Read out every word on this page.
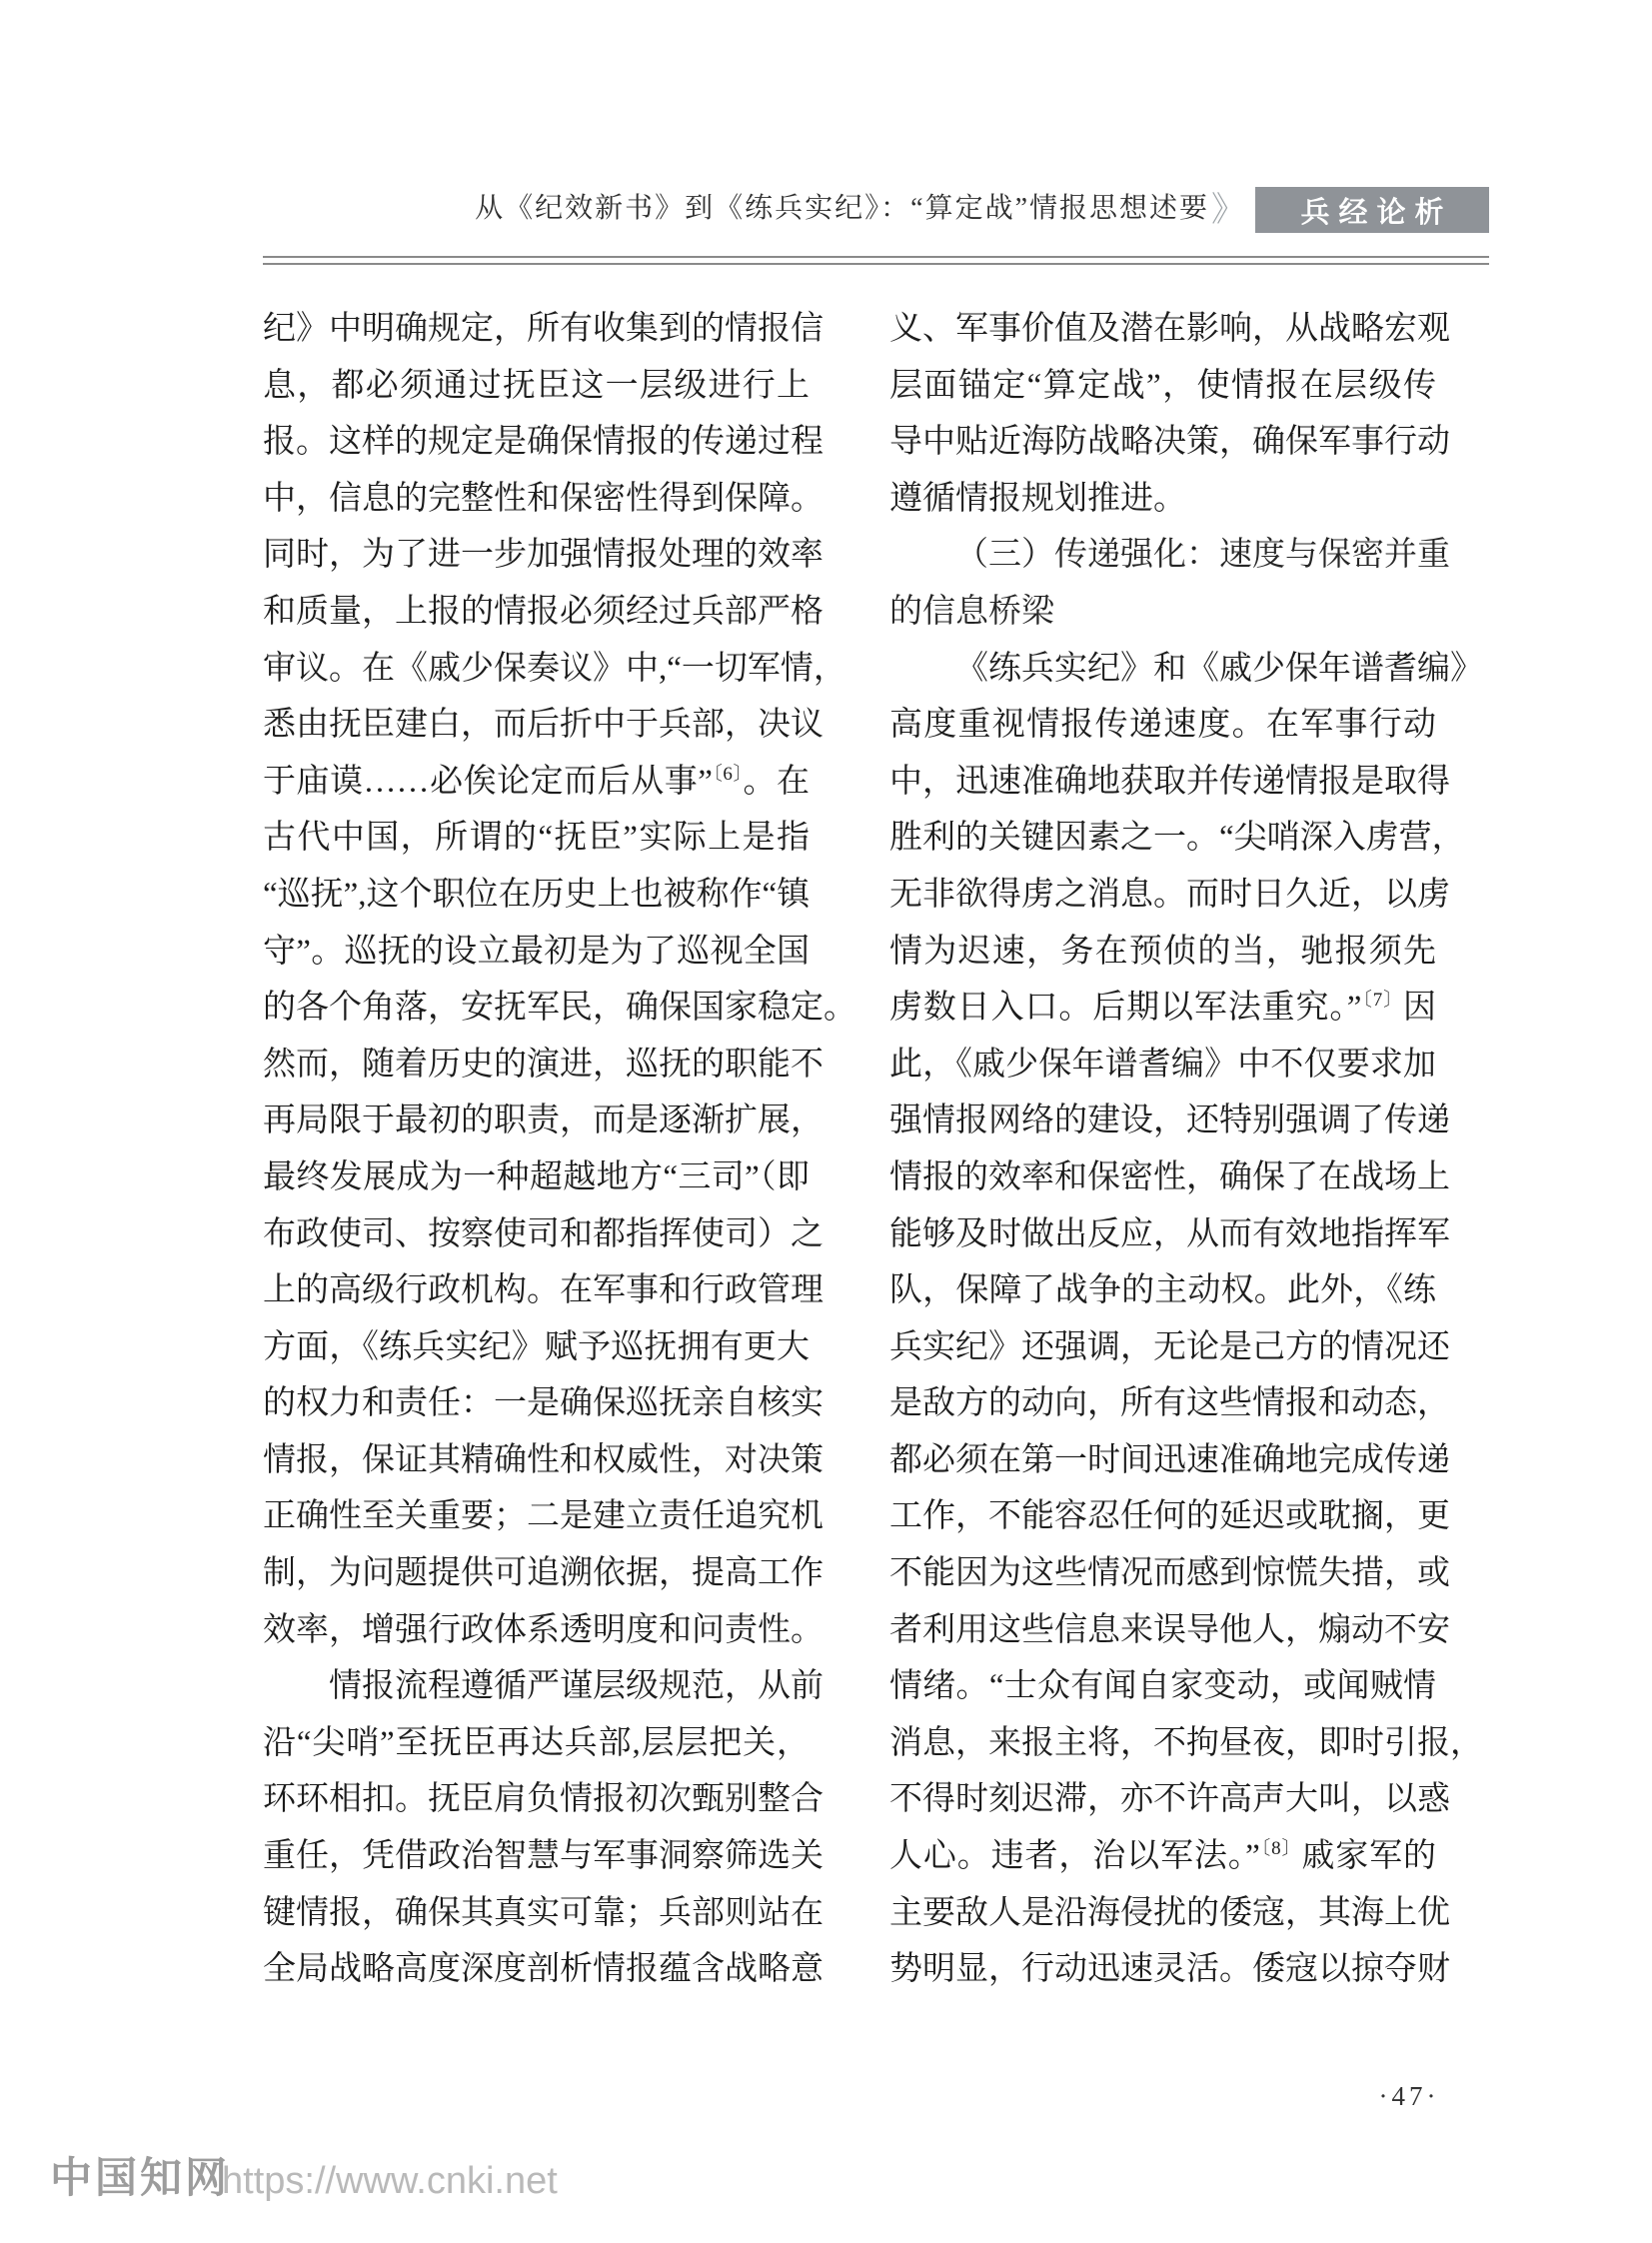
从《纪效新书》到《练兵实纪》：“算定战”情报思想述要 》	兵经论析
纪》中明确规定，所有收集到的情报信
息，都必须通过抚臣这一层级进行上
报。这样的规定是确保情报的传递过程
中，信息的完整性和保密性得到保障。
同时，为了进一步加强情报处理的效率
和质量，上报的情报必须经过兵部严格
审议。在《戚少保奏议》中,“一切军情，
悉由抚臣建白，而后折中于兵部，决议
于庙谟……必俟论定而后从事”$^{〔6〕}$。在
古代中国，所谓的“抚臣”实际上是指
“巡抚”,这个职位在历史上也被称作“镇
守”。巡抚的设立最初是为了巡视全国
的各个角落，安抚军民，确保国家稳定。
然而，随着历史的演进，巡抚的职能不
再局限于最初的职责，而是逐渐扩展，
最终发展成为一种超越地方“三司”（即
布政使司、按察使司和都指挥使司）之
上的高级行政机构。在军事和行政管理
方面，《练兵实纪》赋予巡抚拥有更大
的权力和责任：一是确保巡抚亲自核实
情报，保证其精确性和权威性，对决策
正确性至关重要；二是建立责任追究机
制，为问题提供可追溯依据，提高工作
效率，增强行政体系透明度和问责性。
情报流程遵循严谨层级规范，从前
沿“尖哨”至抚臣再达兵部,层层把关，
环环相扣。抚臣肩负情报初次甄别整合
重任，凭借政治智慧与军事洞察筛选关
键情报，确保其真实可靠；兵部则站在
全局战略高度深度剖析情报蕴含战略意
义、军事价值及潜在影响，从战略宏观
层面锚定“算定战”，使情报在层级传
导中贴近海防战略决策，确保军事行动
遵循情报规划推进。
（三）传递强化：速度与保密并重
的信息桥梁
《练兵实纪》和《戚少保年谱耆编》
高度重视情报传递速度。在军事行动
中，迅速准确地获取并传递情报是取得
胜利的关键因素之一。“尖哨深入虏营，
无非欲得虏之消息。而时日久近，以虏
情为迟速，务在预侦的当，驰报须先
虏数日入口。后期以军法重究。”$^{〔7〕}$因
此，《戚少保年谱耆编》中不仅要求加
强情报网络的建设，还特别强调了传递
情报的效率和保密性，确保了在战场上
能够及时做出反应，从而有效地指挥军
队，保障了战争的主动权。此外，《练
兵实纪》还强调，无论是己方的情况还
是敌方的动向，所有这些情报和动态，
都必须在第一时间迅速准确地完成传递
工作，不能容忍任何的延迟或耽搁，更
不能因为这些情况而感到惊慌失措，或
者利用这些信息来误导他人，煽动不安
情绪。“士众有闻自家变动，或闻贼情
消息，来报主将，不拘昼夜，即时引报，
不得时刻迟滞，亦不许高声大叫，以惑
人心。违者，治以军法。”$^{〔8〕}$戚家军的
主要敌人是沿海侵扰的倭寇，其海上优
势明显，行动迅速灵活。倭寇以掠夺财
·47·
中国知网
https://www.cnki.net
